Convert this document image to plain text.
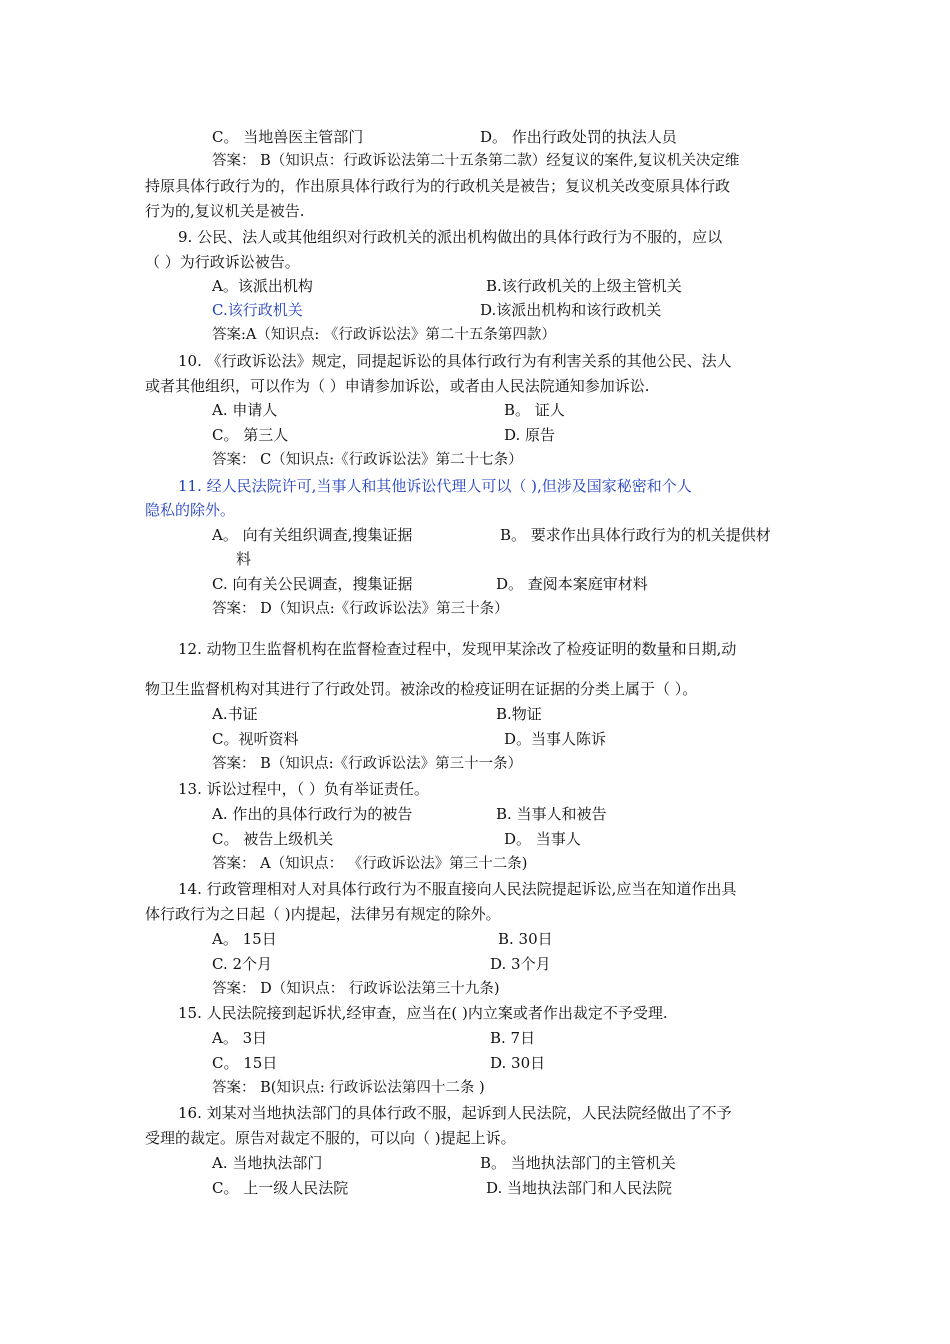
C。 当地兽医主管部门	D。 作出行政处罚的执法人员
答案： B（知识点：行政诉讼法第二十五条第二款）经复议的案件,复议机关决定维
持原具体行政行为的，作出原具体行政行为的行政机关是被告；复议机关改变原具体行政
行为的,复议机关是被告.
9. 公民、法人或其他组织对行政机关的派出机构做出的具体行政行为不服的，应以
（ ）为行政诉讼被告。
A。该派出机构	B.该行政机关的上级主管机关
C.该行政机关	D.该派出机构和该行政机关
答案:A（知识点: 《行政诉讼法》第二十五条第四款）
10. 《行政诉讼法》规定，同提起诉讼的具体行政行为有利害关系的其他公民、法人
或者其他组织，可以作为（ ）申请参加诉讼，或者由人民法院通知参加诉讼.
A. 申请人	B。 证人
C。 第三人	D. 原告
答案： C（知识点:《行政诉讼法》第二十七条）
11. 经人民法院许可,当事人和其他诉讼代理人可以（ ),但涉及国家秘密和个人
隐私的除外。
A。 向有关组织调查,搜集证据	B。 要求作出具体行政行为的机关提供材
料
C. 向有关公民调查，搜集证据	D。 查阅本案庭审材料
答案： D（知识点:《行政诉讼法》第三十条）
12. 动物卫生监督机构在监督检查过程中，发现甲某涂改了检疫证明的数量和日期,动
物卫生监督机构对其进行了行政处罚。被涂改的检疫证明在证据的分类上属于（ ）。
A.书证	B.物证
C。视听资料	D。当事人陈诉
答案： B（知识点:《行政诉讼法》第三十一条）
13. 诉讼过程中，（ ）负有举证责任。
A. 作出的具体行政行为的被告	B. 当事人和被告
C。 被告上级机关	D。 当事人
答案： A（知识点： 《行政诉讼法》第三十二条)
14. 行政管理相对人对具体行政行为不服直接向人民法院提起诉讼,应当在知道作出具
体行政行为之日起（ )内提起，法律另有规定的除外。
A。 15日	B. 30日
C. 2个月	D. 3个月
答案： D（知识点： 行政诉讼法第三十九条)
15. 人民法院接到起诉状,经审查，应当在( )内立案或者作出裁定不予受理.
A。 3日	B. 7日
C。 15日	D. 30日
答案： B(知识点: 行政诉讼法第四十二条 )
16. 刘某对当地执法部门的具体行政不服，起诉到人民法院，人民法院经做出了不予
受理的裁定。原告对裁定不服的，可以向（ )提起上诉。
A. 当地执法部门	B。 当地执法部门的主管机关
C。 上一级人民法院	D. 当地执法部门和人民法院
